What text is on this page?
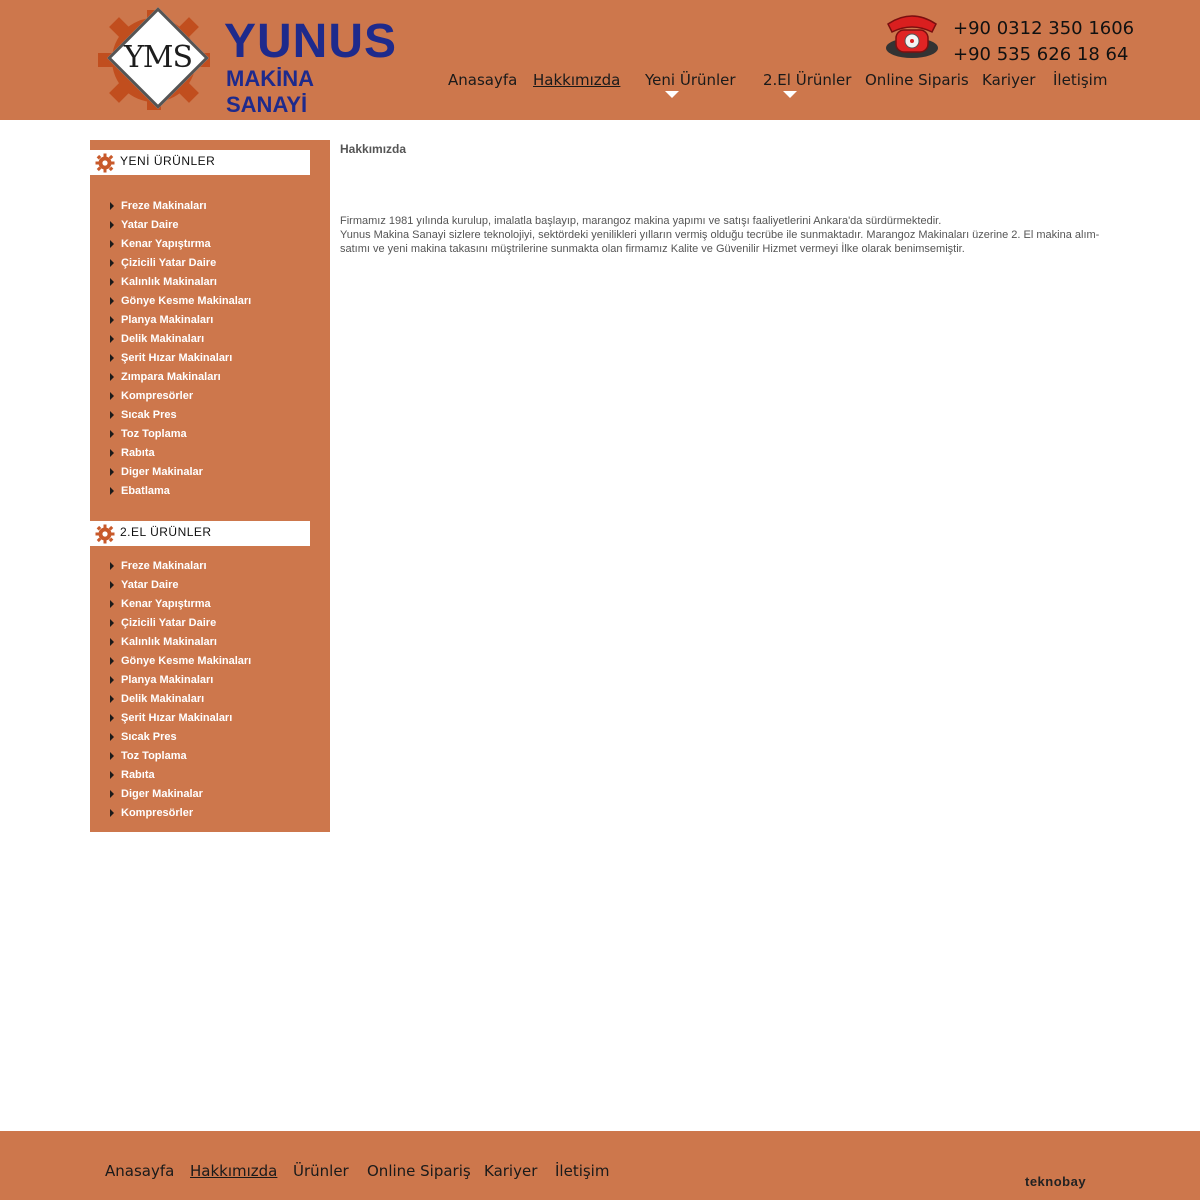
YMS YUNUS
MAKİNA SANAYİ
+90 0312 350 1606
+90 535 626 18 64
Anasayfa Hakkımızda Yeni Ürünler 2.El Ürünler Online Siparis Kariyer İletişim
YENİ ÜRÜNLER
Freze Makinaları
Yatar Daire
Kenar Yapıştırma
Çizicili Yatar Daire
Kalınlık Makinaları
Gönye Kesme Makinaları
Planya Makinaları
Delik Makinaları
Şerit Hızar Makinaları
Zımpara Makinaları
Kompresörler
Sıcak Pres
Toz Toplama
Rabıta
Diger Makinalar
Ebatlama
2.EL ÜRÜNLER
Freze Makinaları
Yatar Daire
Kenar Yapıştırma
Çizicili Yatar Daire
Kalınlık Makinaları
Gönye Kesme Makinaları
Planya Makinaları
Delik Makinaları
Şerit Hızar Makinaları
Sıcak Pres
Toz Toplama
Rabıta
Diger Makinalar
Kompresörler
Hakkımızda

Firmamız 1981 yılında kurulup, imalatla başlayıp, marangoz makina yapımı ve satışı faaliyetlerini Ankara'da sürdürmektedir.

Yunus Makina Sanayi sizlere teknolojiyi, sektördeki yenilikleri yılların vermiş olduğu tecrübe ile sunmaktadır. Marangoz Makinaları üzerine 2. El makina alım-satımı ve yeni makina takasını müştrilerine sunmakta olan firmamız Kalite ve Güvenilir Hizmet vermeyi İlke olarak benimsemiştir.

Anasayfa Hakkımızda Ürünler Online Sipariş Kariyer İletişim
teknobay
